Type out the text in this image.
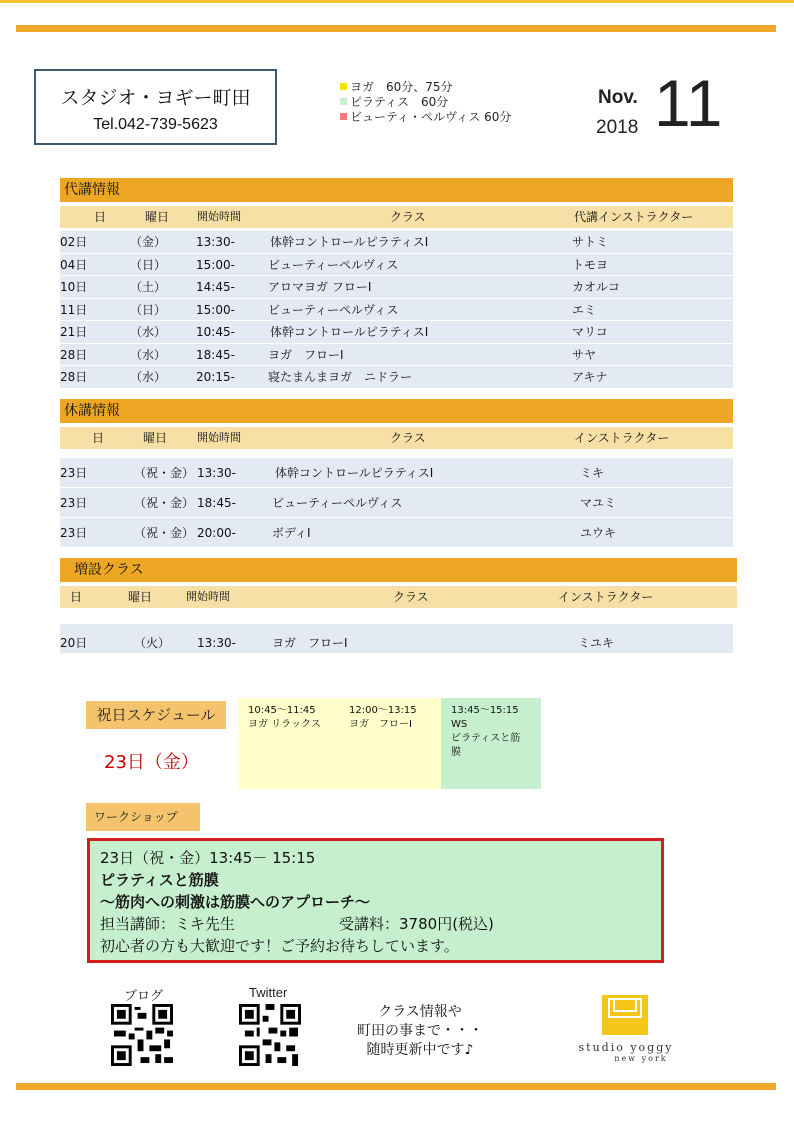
スタジオ・ヨギー町田
Tel.042-739-5623
ヨガ　60分、75分
ピラティス　60分
ビューティ・ペルヴィス 60分
Nov.
2018 11
代講情報
日	曜日	開始時間	クラス	代講インストラクター
02日	（金） 13:30-	体幹コントロールピラティスⅠ	サトミ
04日	（日） 15:00-	ビューティーペルヴィス	トモヨ
10日	（土） 14:45-	アロマヨガ フローⅠ	カオルコ
11日	（日） 15:00-	ビューティーペルヴィス	エミ
21日	（水） 10:45-	体幹コントロールピラティスⅠ	マリコ
28日	（水） 18:45-	ヨガ　フローⅠ	サヤ
28日	（水） 20:15-	寝たまんまヨガ　ニドラー	アキナ
休講情報
日	曜日	開始時間	クラス	インストラクター
23日	（祝・金） 13:30-	体幹コントロールピラティスⅠ	ミキ
23日	（祝・金） 18:45-	ビューティーペルヴィス	マユミ
23日	（祝・金） 20:00-	ボディⅠ	ユウキ
増設クラス
日	曜日	開始時間	クラス	インストラクター
20日	（火） 13:30-	ヨガ　フローⅠ	ミユキ
祝日スケジュール
23日（金）
10:45～11:45
ヨガ リラックス
12:00～13:15
ヨガ　フローⅠ
13:45～15:15
WS
ピラティスと筋
膜
ワークショップ
23日（祝・金）13:45－ 15:15
ピラティスと筋膜
～筋肉への刺激は筋膜へのアプローチ～
担当講師：ミキ先生	受講料：3780円(税込)
初心者の方も大歓迎です！ご予約お待ちしています。
ブログ	Twitter
クラス情報や
町田の事まで・・・
随時更新中です♪	studio yoggy
new york
